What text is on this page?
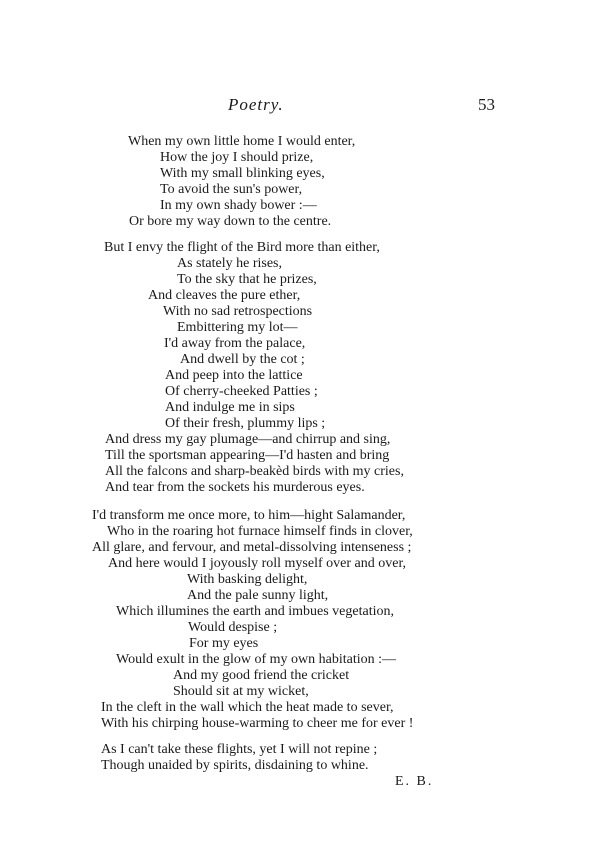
Poetry.	53
When my own little home I would enter,
How the joy I should prize,
With my small blinking eyes,
To avoid the sun's power,
In my own shady bower :—
Or bore my way down to the centre.
But I envy the flight of the Bird more than either,
As stately he rises,
To the sky that he prizes,
And cleaves the pure ether,
With no sad retrospections
Embittering my lot—
I'd away from the palace,
And dwell by the cot ;
And peep into the lattice
Of cherry-cheeked Patties ;
And indulge me in sips
Of their fresh, plummy lips ;
And dress my gay plumage—and chirrup and sing,
Till the sportsman appearing—I'd hasten and bring
All the falcons and sharp-beakèd birds with my cries,
And tear from the sockets his murderous eyes.
I'd transform me once more, to him—hight Salamander,
Who in the roaring hot furnace himself finds in clover,
All glare, and fervour, and metal-dissolving intenseness ;
And here would I joyously roll myself over and over,
With basking delight,
And the pale sunny light,
Which illumines the earth and imbues vegetation,
Would despise ;
For my eyes
Would exult in the glow of my own habitation :—
And my good friend the cricket
Should sit at my wicket,
In the cleft in the wall which the heat made to sever,
With his chirping house-warming to cheer me for ever !
As I can't take these flights, yet I will not repine ;
Though unaided by spirits, disdaining to whine.
E. B.
